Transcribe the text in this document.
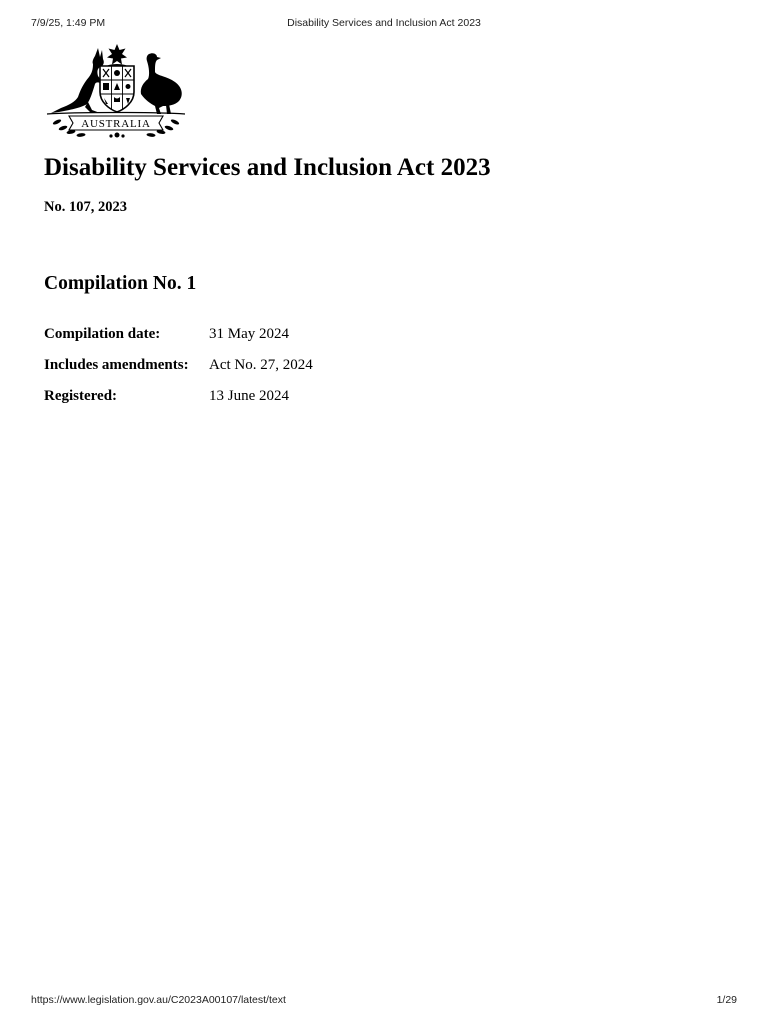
7/9/25, 1:49 PM	Disability Services and Inclusion Act 2023
AUSTRALIA
Disability Services and Inclusion Act 2023
No. 107, 2023
Compilation No. 1
Compilation date:	31 May 2024
Includes amendments: Act No. 27, 2024
Registered:	13 June 2024
https://www.legislation.gov.au/C2023A00107/latest/text	1/29
